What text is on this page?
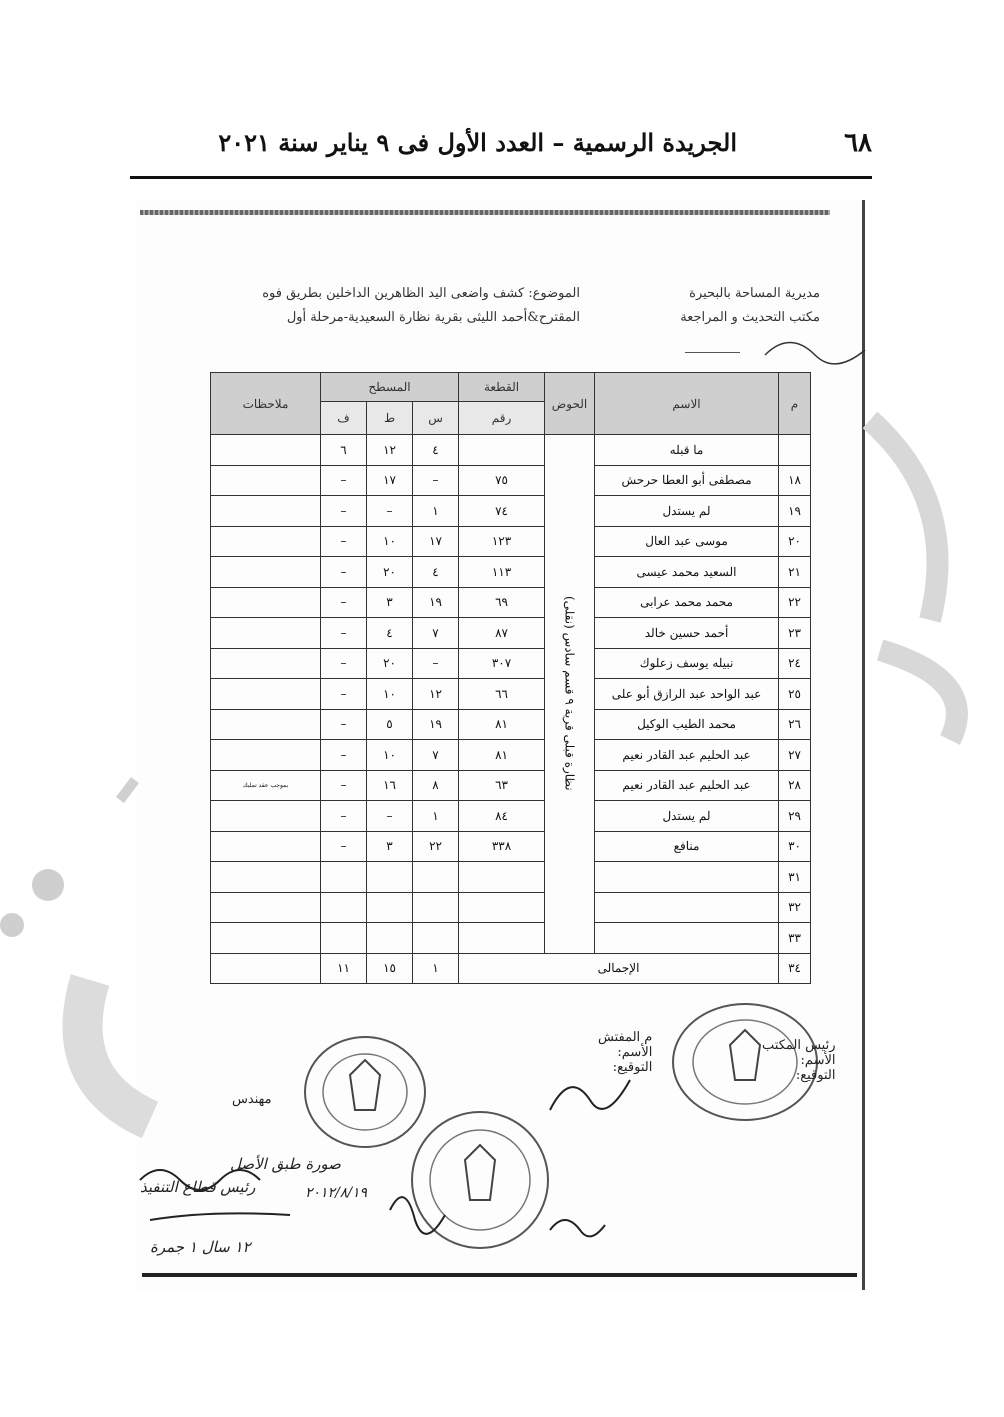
٦٨
الجريدة الرسمية – العدد الأول فى ٩ يناير سنة ٢٠٢١
مديرية المساحة بالبحيرة
مكتب التحديث و المراجعة
الموضوع: كشف واضعى اليد الظاهرين الداخلين بطريق فوه
المقترح&أحمد الليثى بقرية نظارة السعيدية-مرحلة أول
م	الاسم	الحوض	القطعة	المسطح			ملاحظات
			رقم	س	ط	ف	
	ما قبله	نظارة قبلى قرية ٩ قسم سادس (نقلى)		٤	١٢	٦	
١٨	مصطفى أبو العطا حرحش		٧٥	–	١٧	–	
١٩	لم يستدل		٧٤	١	–	–	
٢٠	موسى عبد العال		١٢٣	١٧	١٠	–	
٢١	السعيد محمد عيسى		١١٣	٤	٢٠	–	
٢٢	محمد محمد عرابى		٦٩	١٩	٣	–	
٢٣	أحمد حسين خالد		٨٧	٧	٤	–	
٢٤	نبيله يوسف زعلوك		٣٠٧	–	٢٠	–	
٢٥	عبد الواحد عبد الرازق أبو على		٦٦	١٢	١٠	–	
٢٦	محمد الطيب الوكيل		٨١	١٩	٥	–	
٢٧	عبد الحليم عبد القادر نعيم		٨١	٧	١٠	–	
٢٨	عبد الحليم عبد القادر نعيم		٦٣	٨	١٦	–	بموجب عقد تمليك
٢٩	لم يستدل		٨٤	١	–	–	
٣٠	منافع		٣٣٨	٢٢	٣	–	
٣١							
٣٢							
٣٣							
٣٤	الإجمالى			١	١٥	١١	
رئيس المكتب
الأسم:
التوقيع:
م المفتش
الأسم:
التوقيع:
مهندس
صورة طبق الأصل
رئيس قطاع التنفيذ	٢٠١٢/٨/١٩
١٢ سال ١ جمرة
